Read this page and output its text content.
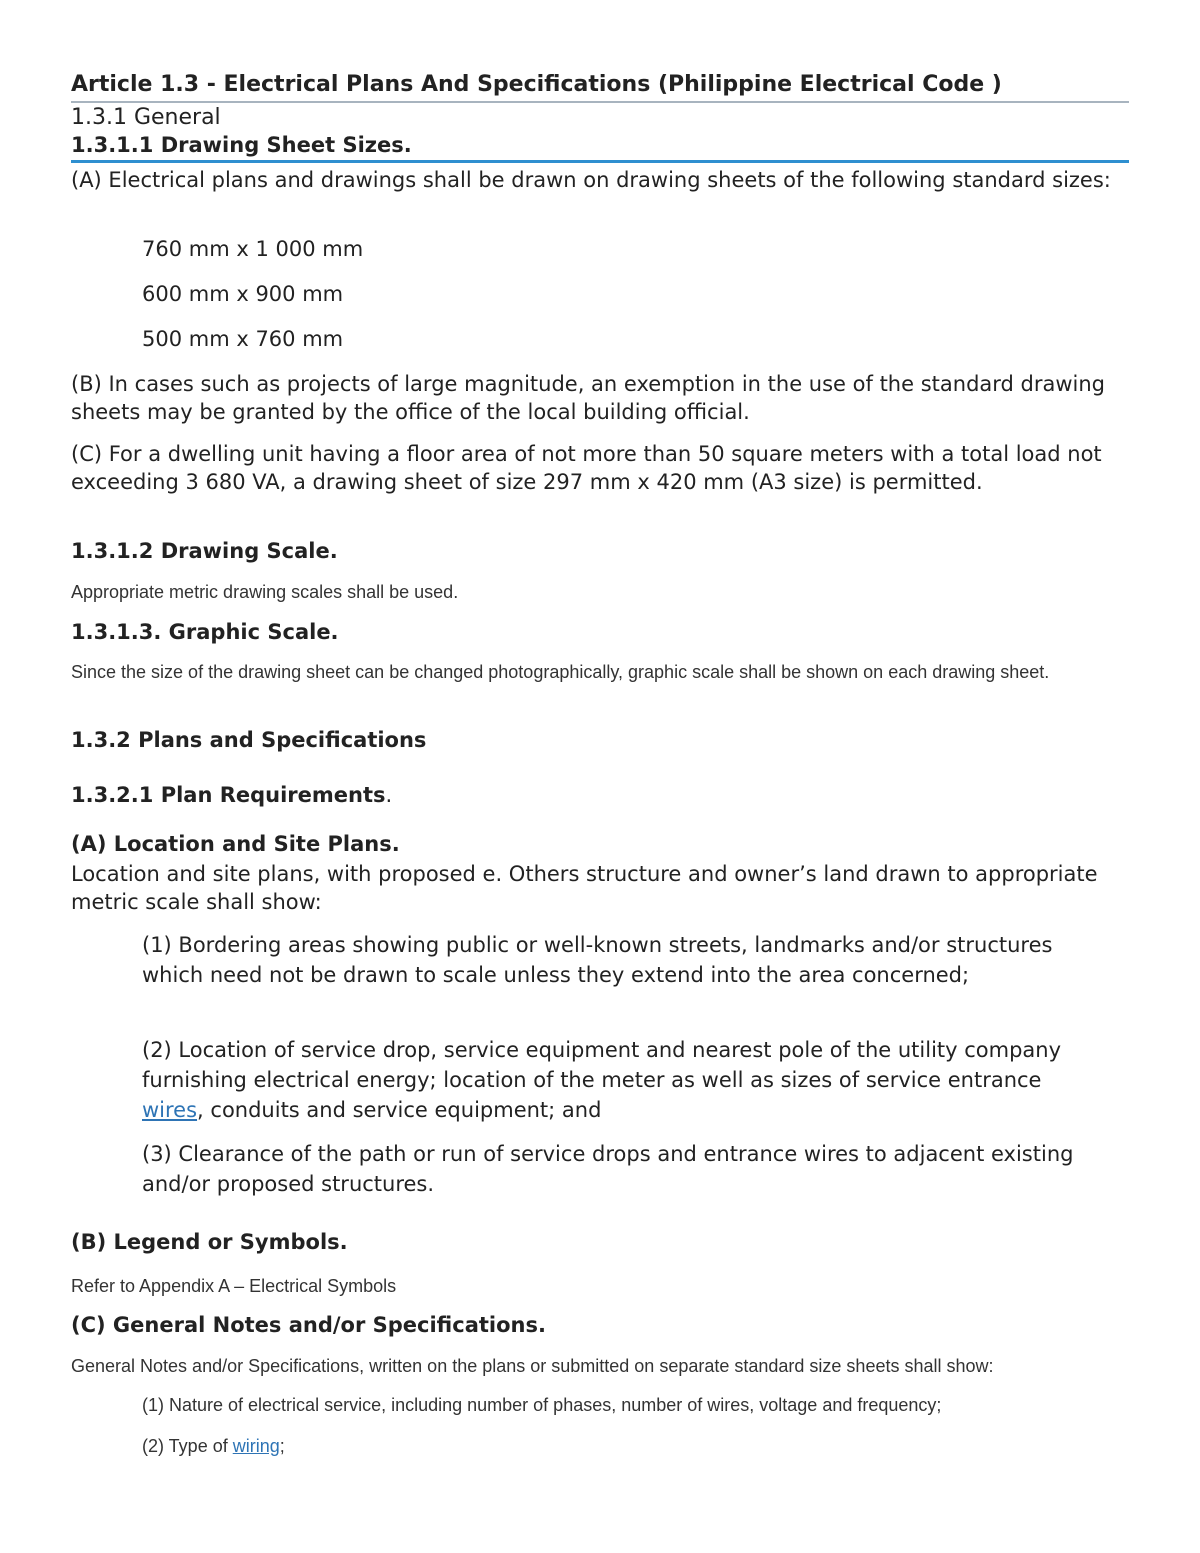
Article 1.3 - Electrical Plans And Specifications (Philippine Electrical Code )
1.3.1 General
1.3.1.1 Drawing Sheet Sizes.

(A) Electrical plans and drawings shall be drawn on drawing sheets of the following standard sizes:

760 mm x 1 000 mm

600 mm x 900 mm

500 mm x 760 mm

(B) In cases such as projects of large magnitude, an exemption in the use of the standard drawing sheets may be granted by the office of the local building official.

(C) For a dwelling unit having a floor area of not more than 50 square meters with a total load not exceeding 3 680 VA, a drawing sheet of size 297 mm x 420 mm (A3 size) is permitted.

1.3.1.2 Drawing Scale.

Appropriate metric drawing scales shall be used.

1.3.1.3. Graphic Scale.

Since the size of the drawing sheet can be changed photographically, graphic scale shall be shown on each drawing sheet.

1.3.2 Plans and Specifications
1.3.2.1 Plan Requirements.
(A) Location and Site Plans.

Location and site plans, with proposed e. Others structure and owner’s land drawn to appropriate metric scale shall show:

(1) Bordering areas showing public or well-known streets, landmarks and/or structures which need not be drawn to scale unless they extend into the area concerned;

(2) Location of service drop, service equipment and nearest pole of the utility company furnishing electrical energy; location of the meter as well as sizes of service entrance wires, conduits and service equipment; and

(3) Clearance of the path or run of service drops and entrance wires to adjacent existing and/or proposed structures.

(B) Legend or Symbols.

Refer to Appendix A – Electrical Symbols

(C) General Notes and/or Specifications.

General Notes and/or Specifications, written on the plans or submitted on separate standard size sheets shall show:

(1) Nature of electrical service, including number of phases, number of wires, voltage and frequency;

(2) Type of wiring;
